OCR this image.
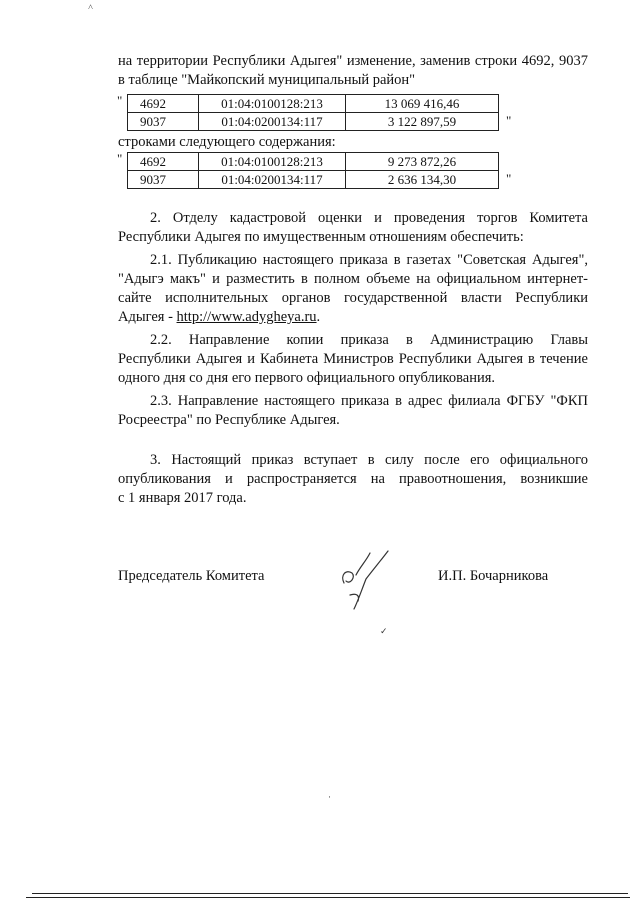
˄
на территории Республики Адыгея" изменение, заменив строки 4692, 9037
в таблице "Майкопский муниципальный район"
" 4692	01:04:0100128:213	13 069 416,46
9037	01:04:0200134:117	3 122 897,59	"
строками следующего содержания:
" 4692	01:04:0100128:213	9 273 872,26
9037	01:04:0200134:117	2 636 134,30	"
2. Отделу кадастровой оценки и проведения торгов Комитета
Республики Адыгея по имущественным отношениям обеспечить:
2.1. Публикацию настоящего приказа в газетах "Советская Адыгея",
"Адыгэ макъ" и разместить в полном объеме на официальном интернет-
сайте исполнительных органов государственной власти Республики
Адыгея - http://www.adygheya.ru.
2.2. Направление копии приказа в Администрацию Главы
Республики Адыгея и Кабинета Министров Республики Адыгея в течение
одного дня со дня его первого официального опубликования.
2.3. Направление настоящего приказа в адрес филиала ФГБУ "ФКП
Росреестра" по Республике Адыгея.
3. Настоящий приказ вступает в силу после его официального
опубликования и распространяется на правоотношения, возникшие
с 1 января 2017 года.
Председатель Комитета	И.П. Бочарникова
✓
·
